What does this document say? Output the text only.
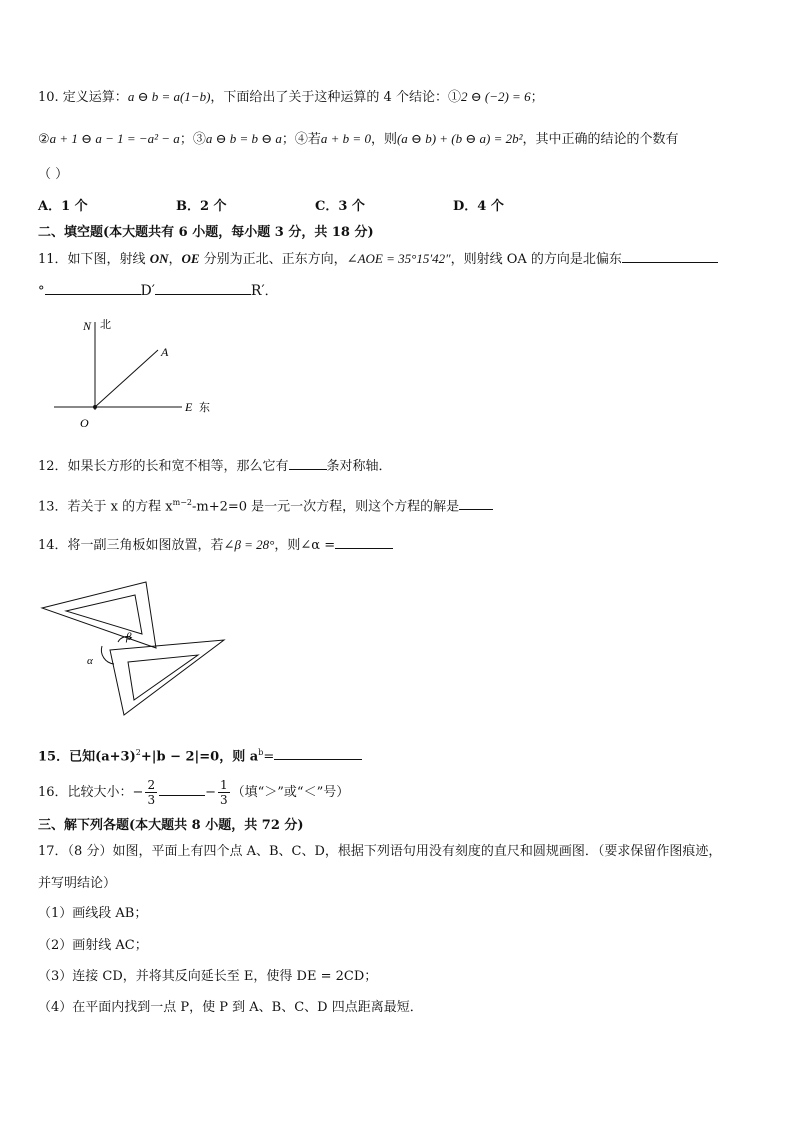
10. 定义运算：a ⊖ b = a(1−b)，下面给出了关于这种运算的 4 个结论：①2 ⊖ (−2) = 6；
②a + 1 ⊖ a − 1 = −a² − a；③a ⊖ b = b ⊖ a；④若a + b = 0，则(a ⊖ b) + (b ⊖ a) = 2b²，其中正确的结论的个数有
（ ）
A．1 个	B．2 个	C．3 个	D．4 个
二、填空题(本大题共有 6 小题，每小题 3 分，共 18 分)
11．如下图，射线 ON，OE 分别为正北、正东方向，∠AOE = 35°15′42″，则射线 OA 的方向是北偏东
°	D′	R′．
N 北
A
E 东
O
12．如果长方形的长和宽不相等，那么它有	条对称轴．
13．若关于 x 的方程 $x^{m-2}-m+2=0$ 是一元一次方程，则这个方程的解是
14．将一副三角板如图放置，若∠β = 28°，则∠α =
β
α
15．已知$(a+3)^2+|b - 2|=0$，则 $a^b=$
16．比较大小：− $\frac{2}{3}$	− $\frac{1}{3}$ （填“＞”或“＜”号）
三、解下列各题(本大题共 8 小题，共 72 分)
17．（8 分）如图，平面上有四个点 A、B、C、D，根据下列语句用没有刻度的直尺和圆规画图．（要求保留作图痕迹，
并写明结论）
（1）画线段 AB；
（2）画射线 AC；
（3）连接 CD，并将其反向延长至 E，使得 DE = 2CD；
（4）在平面内找到一点 P，使 P 到 A、B、C、D 四点距离最短．
